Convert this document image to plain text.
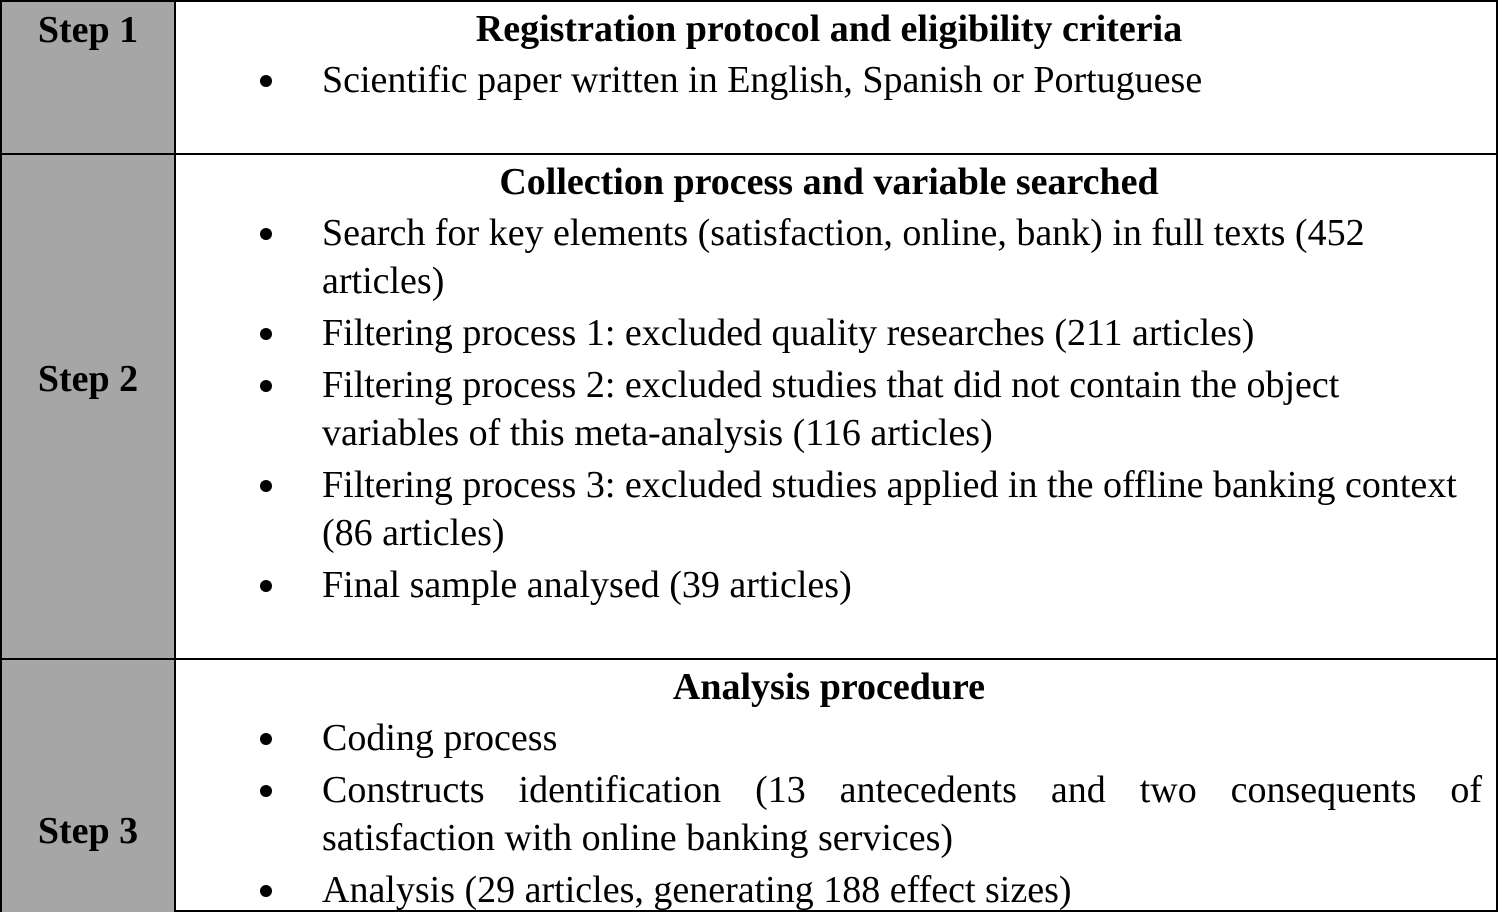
Step 1	Registration protocol and eligibility criteria
Scientific paper written in English, Spanish or Portuguese
Step 2
Collection process and variable searched
Search for key elements (satisfaction, online, bank) in full texts (452 articles)
Filtering process 1: excluded quality researches (211 articles)
Filtering process 2: excluded studies that did not contain the object variables of this meta-analysis (116 articles)
Filtering process 3: excluded studies applied in the offline banking context (86 articles)
Final sample analysed (39 articles)
Step 3
Analysis procedure
Coding process
Constructs identification (13 antecedents and two consequents of satisfaction with online banking services)
Analysis (29 articles, generating 188 effect sizes)
